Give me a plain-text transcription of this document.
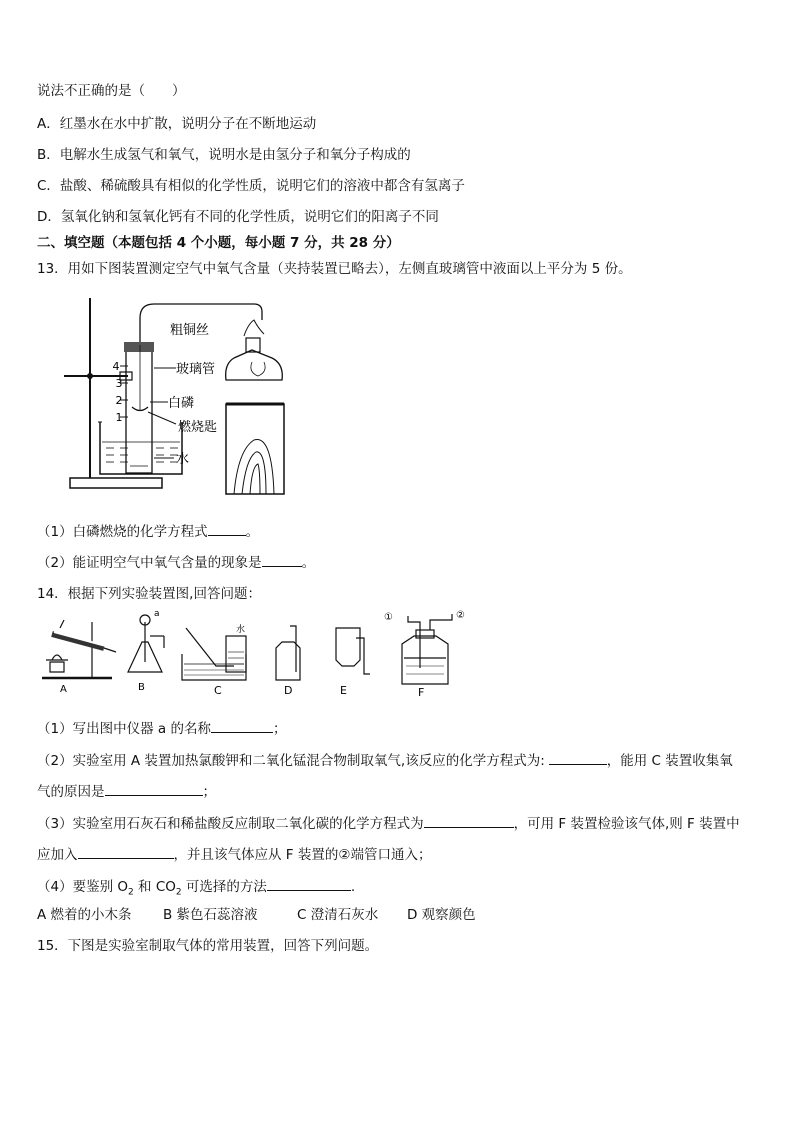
说法不正确的是（　　）
A．红墨水在水中扩散，说明分子在不断地运动
B．电解水生成氢气和氧气，说明水是由氢分子和氧分子构成的
C．盐酸、稀硫酸具有相似的化学性质，说明它们的溶液中都含有氢离子
D．氢氧化钠和氢氧化钙有不同的化学性质，说明它们的阳离子不同
二、填空题（本题包括 4 个小题，每小题 7 分，共 28 分）
13．用如下图装置测定空气中氧气含量（夹持装置已略去），左侧直玻璃管中液面以上平分为 5 份。
4
3
2
1
粗铜丝
玻璃管
白磷
燃烧匙
水
（1）白磷燃烧的化学方程式	。
（2）能证明空气中氧气含量的现象是	。
14．根据下列实验装置图,回答问题：
A
a
B
水
C	D	E
①	②
F
（1）写出图中仪器 a 的名称	；
（2）实验室用 A 装置加热氯酸钾和二氧化锰混合物制取氧气,该反应的化学方程式为:	，能用 C 装置收集氧
气的原因是	；
（3）实验室用石灰石和稀盐酸反应制取二氧化碳的化学方程式为	，可用 F 装置检验该气体,则 F 装置中
应加入	，并且该气体应从 F 装置的②端管口通入；
（4）要鉴别 $O_2$ 和 $CO_2$ 可选择的方法	.
A 燃着的小木条 B 紫色石蕊溶液	C 澄清石灰水 D 观察颜色
15．下图是实验室制取气体的常用装置，回答下列问题。
